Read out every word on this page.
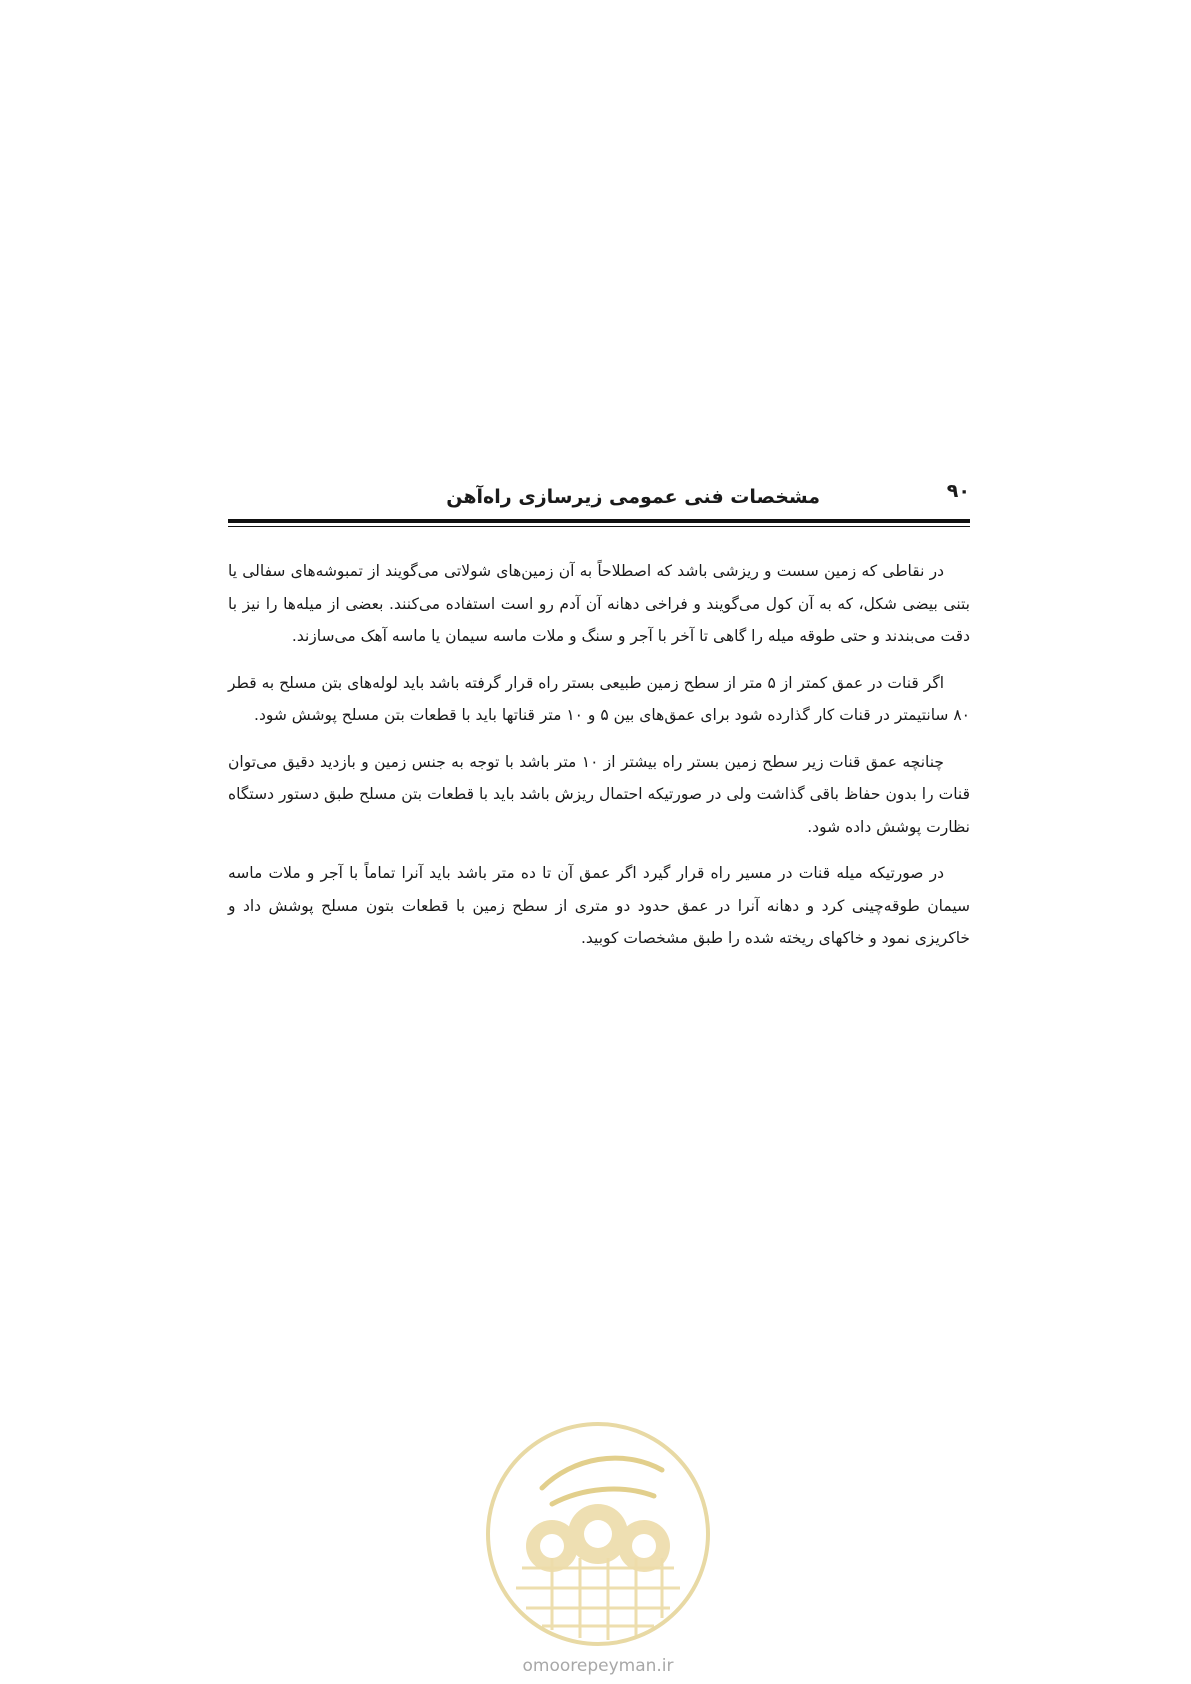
مشخصات فنی عمومی زیرسازی راه‌آهن	۹۰

در نقاطی که زمین سست و ریزشی باشد که اصطلاحاً به آن زمین‌های شولاتی می‌گویند از تمبوشه‌های سفالی یا بتنی بیضی شکل، که به آن کول می‌گویند و فراخی دهانه آن آدم رو است استفاده می‌کنند. بعضی از میله‌ها را نیز با دقت می‌بندند و حتی طوقه میله را گاهی تا آخر با آجر و سنگ و ملات ماسه سیمان یا ماسه آهک می‌سازند.

اگر قنات در عمق کمتر از ۵ متر از سطح زمین طبیعی بستر راه قرار گرفته باشد باید لوله‌های بتن مسلح به قطر ۸۰ سانتیمتر در قنات کار گذارده شود برای عمق‌های بین ۵ و ۱۰ متر قناتها باید با قطعات بتن مسلح پوشش شود.

چنانچه عمق قنات زیر سطح زمین بستر راه بیشتر از ۱۰ متر باشد با توجه به جنس زمین و بازدید دقیق می‌توان قنات را بدون حفاظ باقی گذاشت ولی در صورتیکه احتمال ریزش باشد باید با قطعات بتن مسلح طبق دستور دستگاه نظارت پوشش داده شود.

در صورتیکه میله قنات در مسیر راه قرار گیرد اگر عمق آن تا ده متر باشد باید آنرا تماماً با آجر و ملات ماسه سیمان طوقه‌چینی کرد و دهانه آنرا در عمق حدود دو متری از سطح زمین با قطعات بتون مسلح پوشش داد و خاکریزی نمود و خاکهای ریخته شده را طبق مشخصات کوبید.

omoorepeyman.ir
